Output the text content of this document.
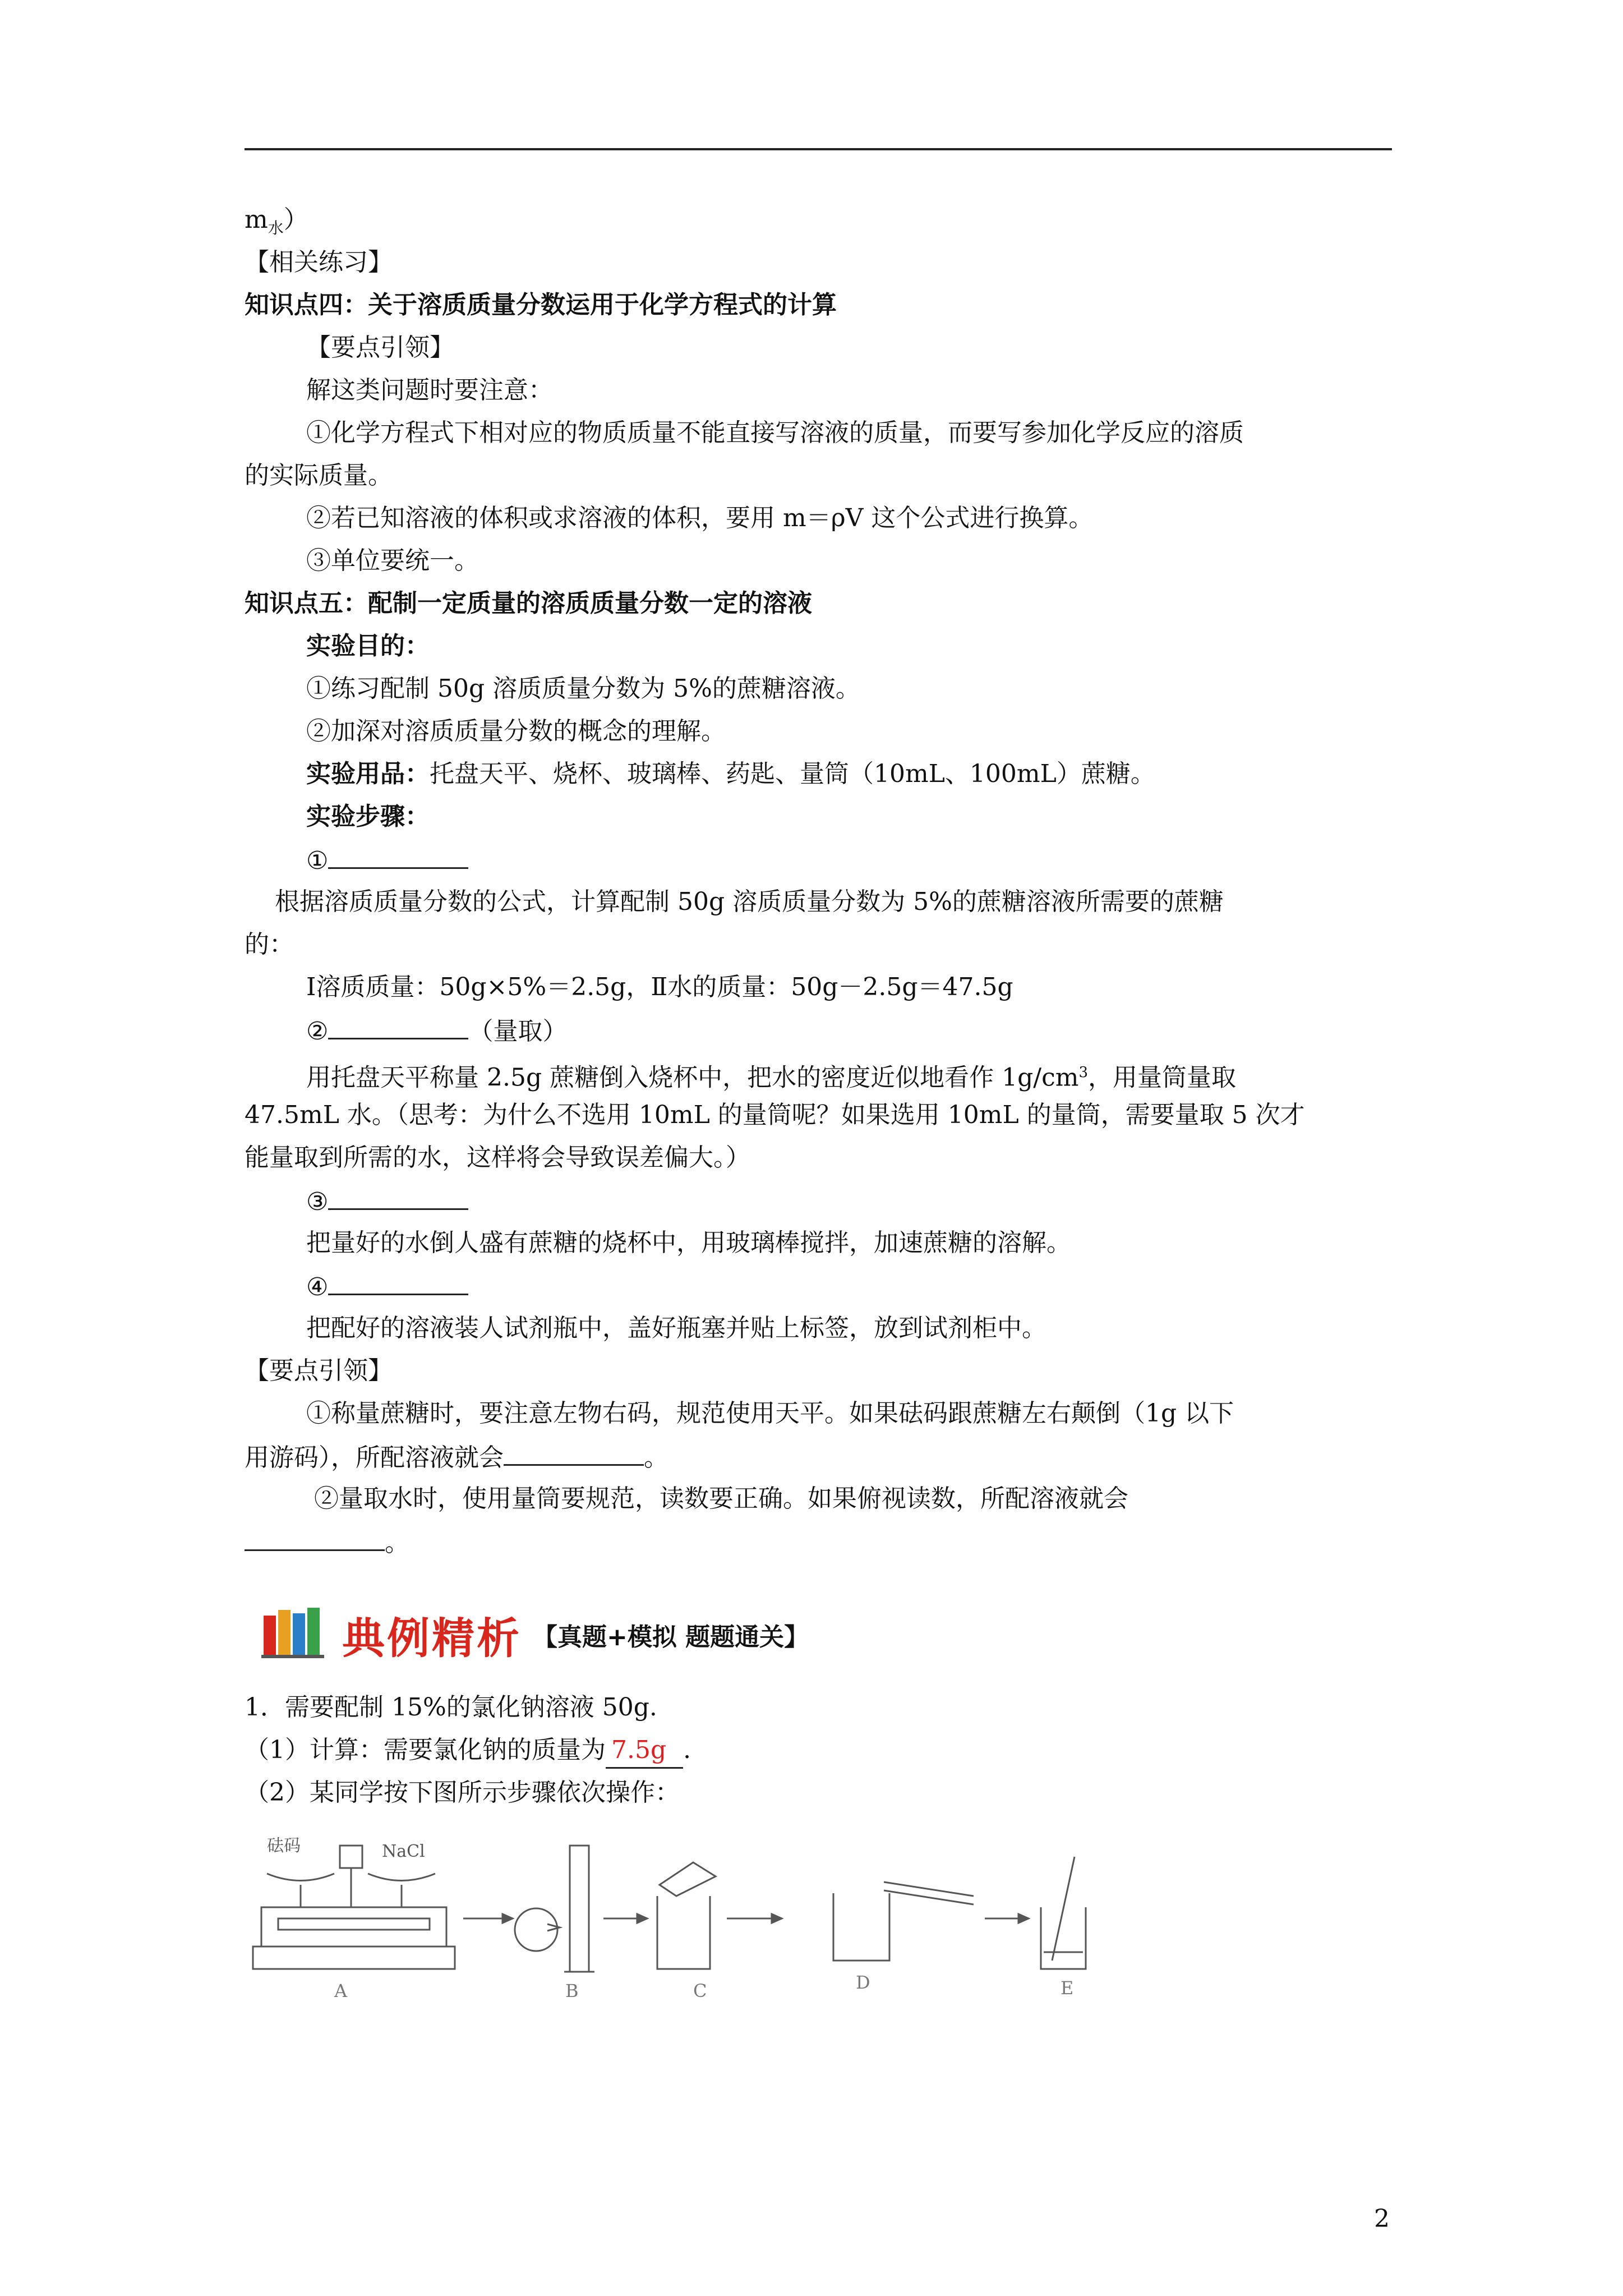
$m_水$）
【相关练习】
知识点四：关于溶质质量分数运用于化学方程式的计算
【要点引领】
解这类问题时要注意：
①化学方程式下相对应的物质质量不能直接写溶液的质量，而要写参加化学反应的溶质
的实际质量。
②若已知溶液的体积或求溶液的体积，要用 m＝ρV 这个公式进行换算。
③单位要统一。
知识点五：配制一定质量的溶质质量分数一定的溶液
实验目的：
①练习配制 50g 溶质质量分数为 5%的蔗糖溶液。
②加深对溶质质量分数的概念的理解。
实验用品：托盘天平、烧杯、玻璃棒、药匙、量筒（10mL、100mL）蔗糖。
实验步骤：
①
根据溶质质量分数的公式，计算配制 50g 溶质质量分数为 5%的蔗糖溶液所需要的蔗糖
的：
Ⅰ溶质质量：50g×5%＝2.5g，Ⅱ水的质量：50g－2.5g＝47.5g
②	（量取）
用托盘天平称量 2.5g 蔗糖倒入烧杯中，把水的密度近似地看作 $1g/cm^3$，用量筒量取
47.5mL 水。（思考：为什么不选用 10mL 的量筒呢？如果选用 10mL 的量筒，需要量取 5 次才
能量取到所需的水，这样将会导致误差偏大。）
③
把量好的水倒人盛有蔗糖的烧杯中，用玻璃棒搅拌，加速蔗糖的溶解。
④
把配好的溶液装人试剂瓶中，盖好瓶塞并贴上标签，放到试剂柜中。
【要点引领】
①称量蔗糖时，要注意左物右码，规范使用天平。如果砝码跟蔗糖左右颠倒（1g 以下
用游码），所配溶液就会	。
②量取水时，使用量筒要规范，读数要正确。如果俯视读数，所配溶液就会
。
典例精析 【真题+模拟 题题通关】
1．需要配制 15%的氯化钠溶液 50g.
（1）计算：需要氯化钠的质量为 7.5g .
（2）某同学按下图所示步骤依次操作：
砝码	NaCl
A	B	C	D	E
2
